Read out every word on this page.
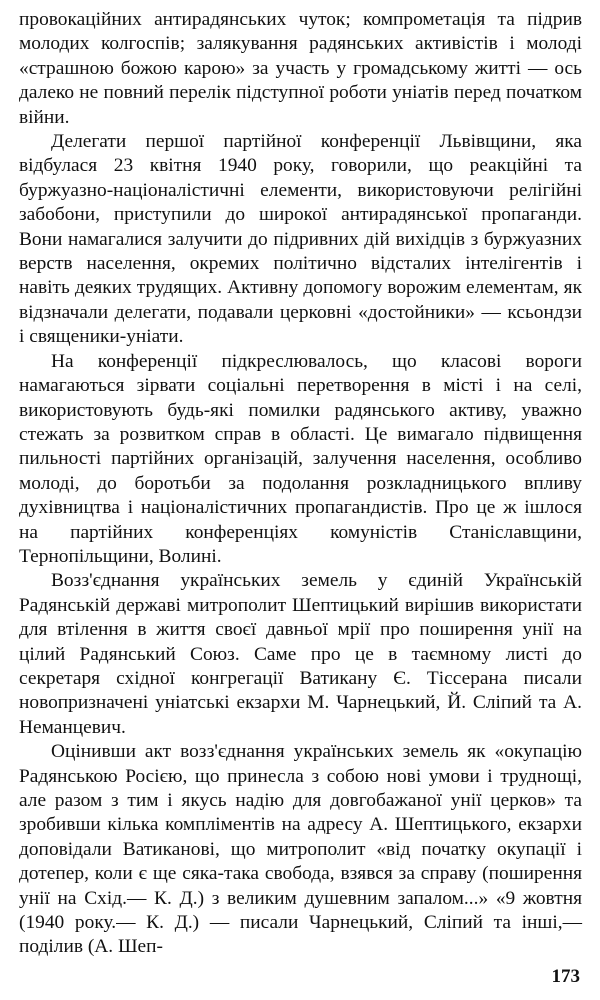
провокаційних антирадянських чуток; компрометація та підрив молодих колгоспів; залякування радянських активістів і молоді «страшною божою карою» за участь у громадському житті — ось далеко не повний перелік підступної роботи уніатів перед початком війни.

Делегати першої партійної конференції Львівщини, яка відбулася 23 квітня 1940 року, говорили, що реакційні та буржуазно-націоналістичні елементи, використовуючи релігійні забобони, приступили до широкої антирадянської пропаганди. Вони намагалися залучити до підривних дій вихідців з буржуазних верств населення, окремих політично відсталих інтелігентів і навіть деяких трудящих. Активну допомогу ворожим елементам, як відзначали делегати, подавали церковні «достойники» — ксьондзи і священики-уніати.

На конференції підкреслювалось, що класові вороги намагаються зірвати соціальні перетворення в місті і на селі, використовують будь-які помилки радянського активу, уважно стежать за розвитком справ в області. Це вимагало підвищення пильності партійних організацій, залучення населення, особливо молоді, до боротьби за подолання розкладницького впливу духівництва і націоналістичних пропагандистів. Про це ж ішлося на партійних конференціях комуністів Станіславщини, Тернопільщини, Волині.

Возз'єднання українських земель у єдиній Українській Радянській державі митрополит Шептицький вирішив використати для втілення в життя своєї давньої мрії про поширення унії на цілий Радянський Союз. Саме про це в таємному листі до секретаря східної конгрегації Ватикану Є. Тіссерана писали новопризначені уніатські екзархи М. Чарнецький, Й. Сліпий та А. Неманцевич.

Оцінивши акт возз'єднання українських земель як «окупацію Радянською Росією, що принесла з собою нові умови і труднощі, але разом з тим і якусь надію для довгобажаної унії церков» та зробивши кілька компліментів на адресу А. Шептицького, екзархи доповідали Ватиканові, що митрополит «від початку окупації і дотепер, коли є ще сяка-така свобода, взявся за справу (поширення унії на Схід.— К. Д.) з великим душевним запалом...» «9 жовтня (1940 року.— К. Д.) — писали Чарнецький, Сліпий та інші,— поділив (А. Шеп-

173
